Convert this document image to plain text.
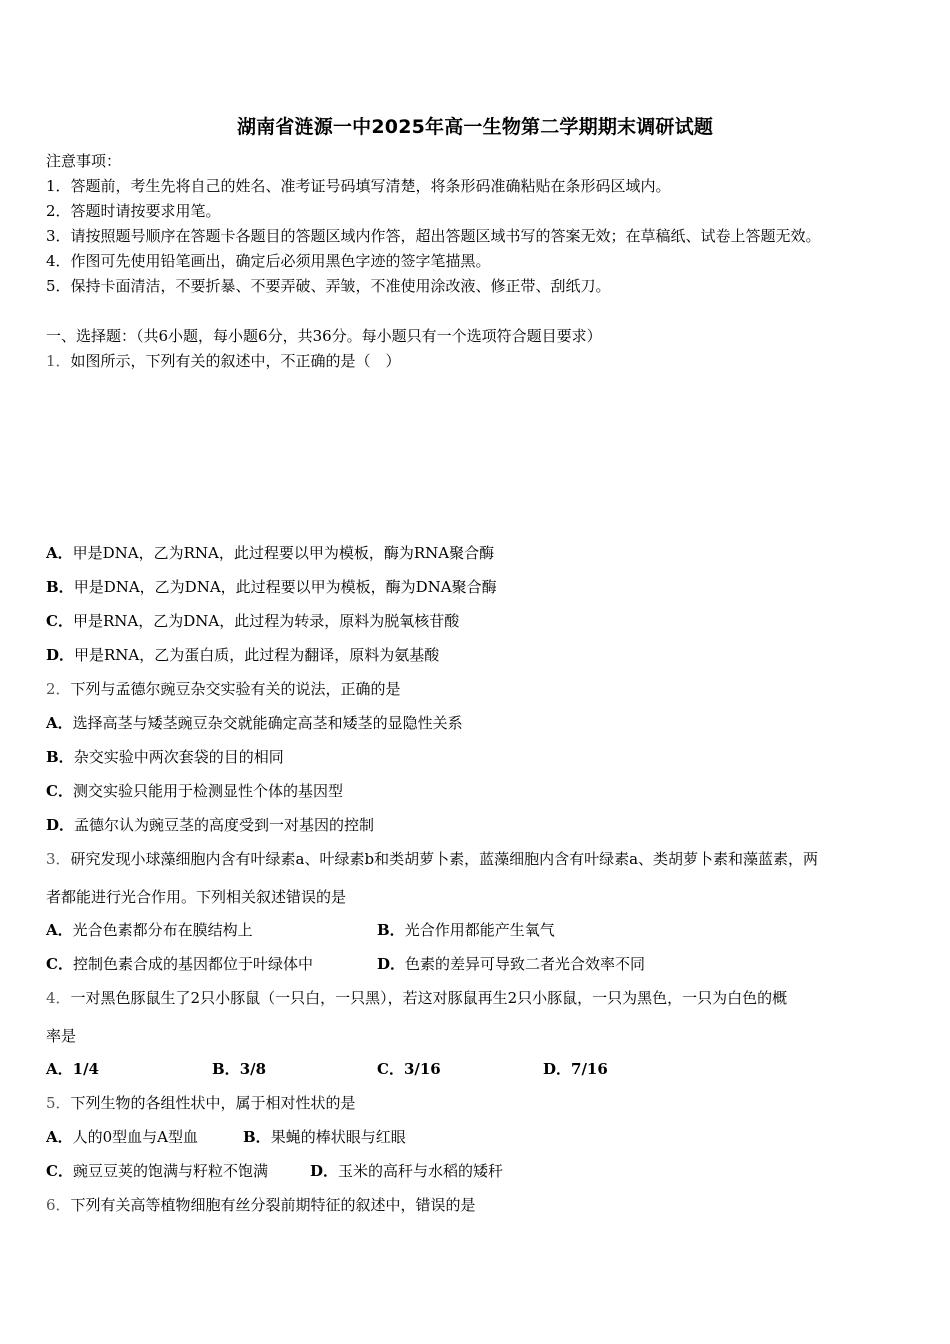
湖南省涟源一中2025年高一生物第二学期期末调研试题
注意事项：
1．答题前，考生先将自己的姓名、准考证号码填写清楚，将条形码准确粘贴在条形码区域内。
2．答题时请按要求用笔。
3．请按照题号顺序在答题卡各题目的答题区域内作答，超出答题区域书写的答案无效；在草稿纸、试卷上答题无效。
4．作图可先使用铅笔画出，确定后必须用黑色字迹的签字笔描黑。
5．保持卡面清洁，不要折暴、不要弄破、弄皱，不准使用涂改液、修正带、刮纸刀。
一、选择题：（共6小题，每小题6分，共36分。每小题只有一个选项符合题目要求）
1．如图所示，下列有关的叙述中，不正确的是（　）
A．甲是DNA，乙为RNA，此过程要以甲为模板，酶为RNA聚合酶
B．甲是DNA，乙为DNA，此过程要以甲为模板，酶为DNA聚合酶
C．甲是RNA，乙为DNA，此过程为转录，原料为脱氧核苷酸
D．甲是RNA，乙为蛋白质，此过程为翻译，原料为氨基酸
2．下列与孟德尔豌豆杂交实验有关的说法，正确的是
A．选择高茎与矮茎豌豆杂交就能确定高茎和矮茎的显隐性关系
B．杂交实验中两次套袋的目的相同
C．测交实验只能用于检测显性个体的基因型
D．孟德尔认为豌豆茎的高度受到一对基因的控制
3．研究发现小球藻细胞内含有叶绿素a、叶绿素b和类胡萝卜素，蓝藻细胞内含有叶绿素a、类胡萝卜素和藻蓝素，两
者都能进行光合作用。下列相关叙述错误的是
A．光合色素都分布在膜结构上	B．光合作用都能产生氧气
C．控制色素合成的基因都位于叶绿体中	D．色素的差异可导致二者光合效率不同
4．一对黑色豚鼠生了2只小豚鼠（一只白，一只黑），若这对豚鼠再生2只小豚鼠，一只为黑色，一只为白色的概
率是
A．1/4	B．3/8	C．3/16	D．7/16
5．下列生物的各组性状中，属于相对性状的是
A．人的0型血与A型血	B．果蝇的棒状眼与红眼
C．豌豆豆荚的饱满与籽粒不饱满	D．玉米的高秆与水稻的矮秆
6．下列有关高等植物细胞有丝分裂前期特征的叙述中，错误的是
